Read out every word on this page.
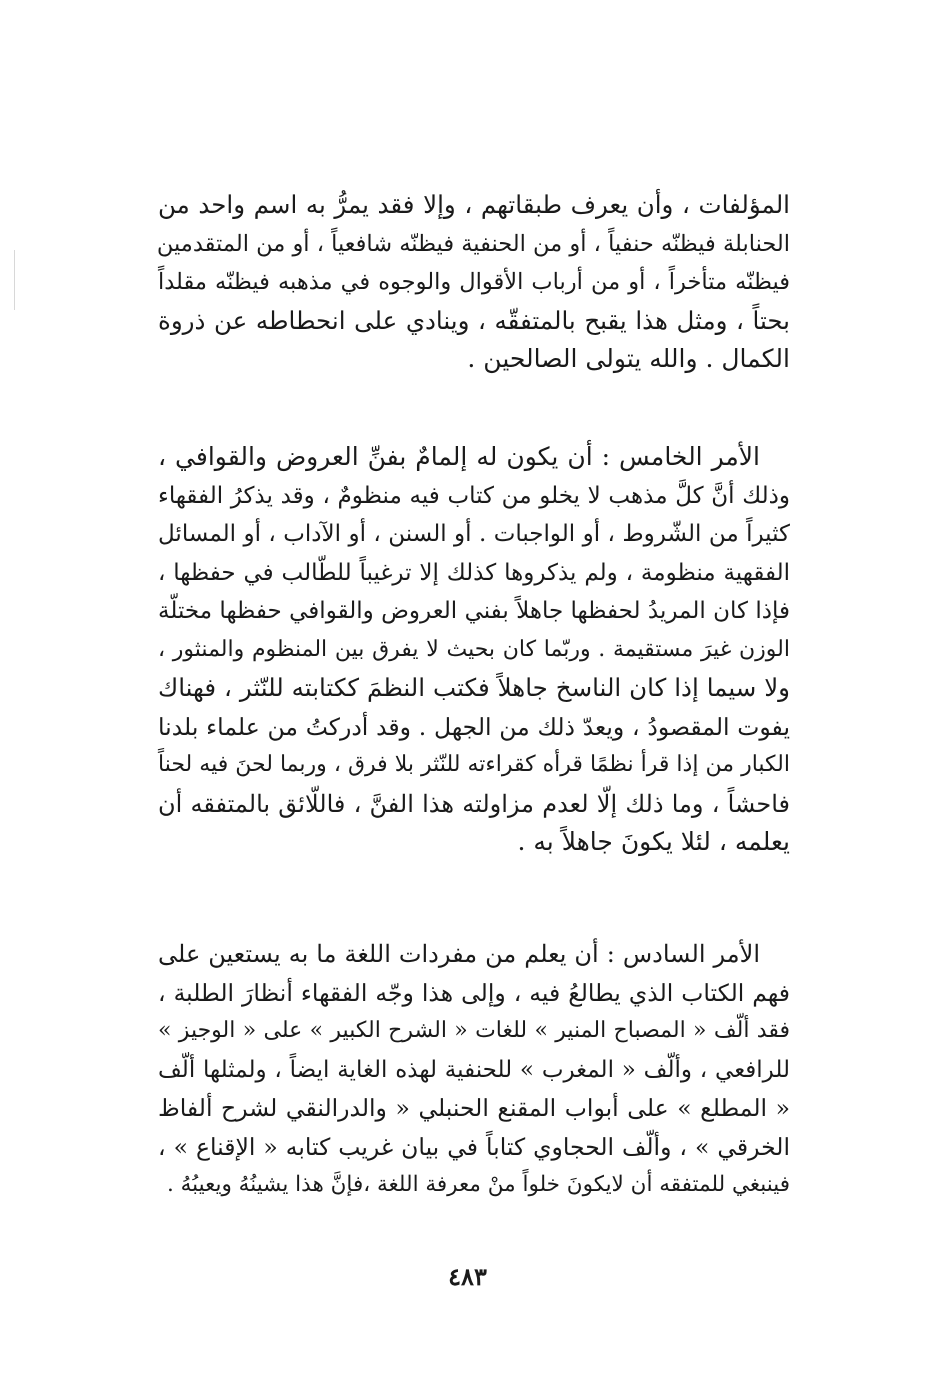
المؤلفات ، وأن يعرف طبقاتهم ، وإلا فقد يمرُّ به اسم واحد من
الحنابلة فيظنّه حنفياً ، أو من الحنفية فيظنّه شافعياً ، أو من المتقدمين
فيظنّه متأخراً ، أو من أرباب الأقوال والوجوه في مذهبه فيظنّه مقلداً
بحتاً ، ومثل هذا يقبح بالمتفقّه ، وينادي على انحطاطه عن ذروة
الكمال . والله يتولى الصالحين .
الأمر الخامس : أن يكون له إلمامٌ بفنِّ العروض والقوافي ،
وذلك أنَّ كلَّ مذهب لا يخلو من كتاب فيه منظومٌ ، وقد يذكرُ الفقهاء
كثيراً من الشّروط ، أو الواجبات . أو السنن ، أو الآداب ، أو المسائل
الفقهية منظومة ، ولم يذكروها كذلك إلا ترغيباً للطّالب في حفظها ،
فإذا كان المريدُ لحفظها جاهلاً بفني العروض والقوافي حفظها مختلّة
الوزن غيرَ مستقيمة . وربّما كان بحيث لا يفرق بين المنظوم والمنثور ،
ولا سيما إذا كان الناسخ جاهلاً فكتب النظمَ ككتابته للنّثر ، فهناك
يفوت المقصودُ ، ويعدّ ذلك من الجهل . وقد أدركتُ من علماء بلدنا
الكبار من إذا قرأ نظمًا قرأه كقراءته للنّثر بلا فرق ، وربما لحنَ فيه لحناً
فاحشاً ، وما ذلك إلّا لعدم مزاولته هذا الفنَّ ، فاللّائق بالمتفقه أن
يعلمه ، لئلا يكونَ جاهلاً به .
الأمر السادس : أن يعلم من مفردات اللغة ما به يستعين على
فهم الكتاب الذي يطالعُ فيه ، وإلى هذا وجّه الفقهاء أنظارَ الطلبة ،
فقد ألّف « المصباح المنير » للغات « الشرح الكبير » على « الوجيز »
للرافعي ، وألّف « المغرب » للحنفية لهذه الغاية ايضاً ، ولمثلها ألّف
« المطلع » على أبواب المقنع الحنبلي « والدرالنقي لشرح ألفاظ
الخرقي » ، وألّف الحجاوي كتاباً في بيان غريب كتابه « الإقناع » ،
فينبغي للمتفقه أن لايكونَ خلواً منْ معرفة اللغة ،فإنَّ هذا يشينُهُ ويعيبُهُ .
٤٨٣
